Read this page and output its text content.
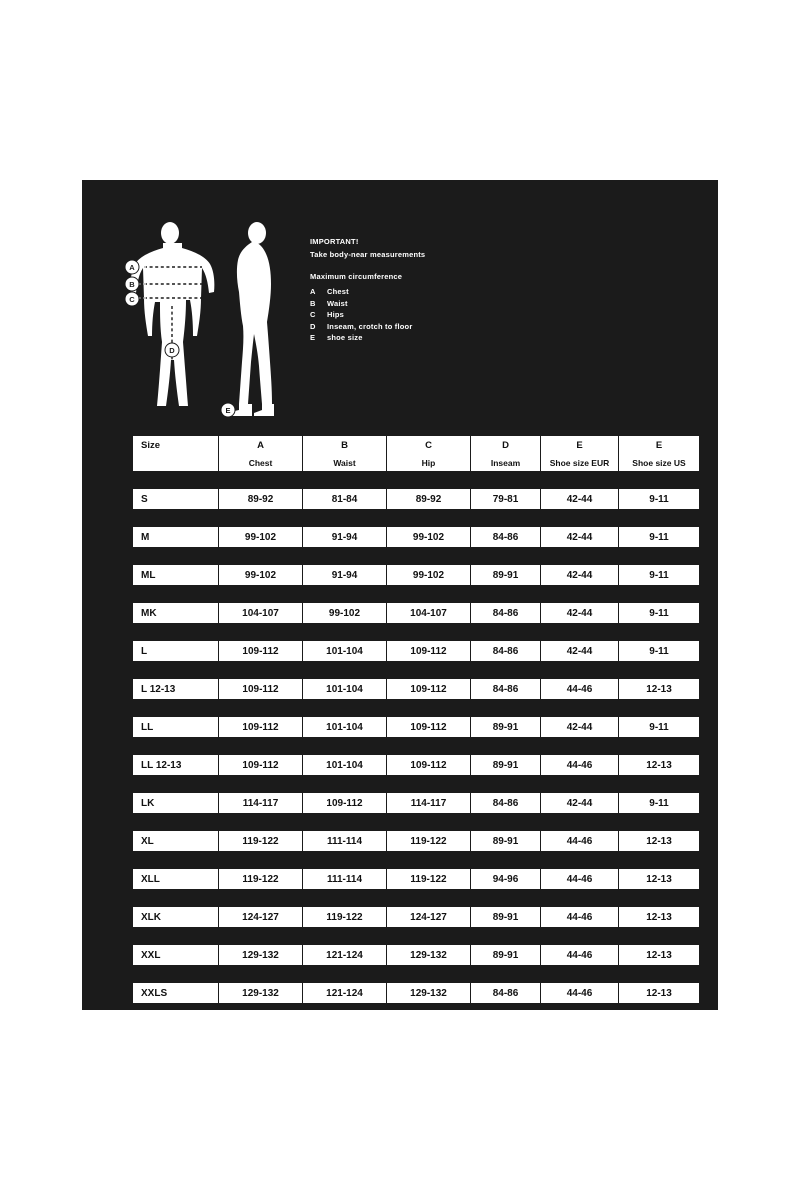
A
B
C
D
E
IMPORTANT!
Take body-near measurements
Maximum circumference
A	Chest
B	Waist
C	Hips
D	Inseam, crotch to floor
E	shoe size
Size	A	B	C	D	E	E
	Chest	Waist	Hip	Inseam	Shoe size EUR	Shoe size US

S	89-92	81-84	89-92	79-81	42-44	9-11

M	99-102	91-94	99-102	84-86	42-44	9-11

ML	99-102	91-94	99-102	89-91	42-44	9-11

MK	104-107	99-102	104-107	84-86	42-44	9-11

L	109-112	101-104	109-112	84-86	42-44	9-11

L 12-13	109-112	101-104	109-112	84-86	44-46	12-13

LL	109-112	101-104	109-112	89-91	42-44	9-11

LL 12-13	109-112	101-104	109-112	89-91	44-46	12-13

LK	114-117	109-112	114-117	84-86	42-44	9-11

XL	119-122	111-114	119-122	89-91	44-46	12-13

XLL	119-122	111-114	119-122	94-96	44-46	12-13

XLK	124-127	119-122	124-127	89-91	44-46	12-13

XXL	129-132	121-124	129-132	89-91	44-46	12-13

XXLS	129-132	121-124	129-132	84-86	44-46	12-13
